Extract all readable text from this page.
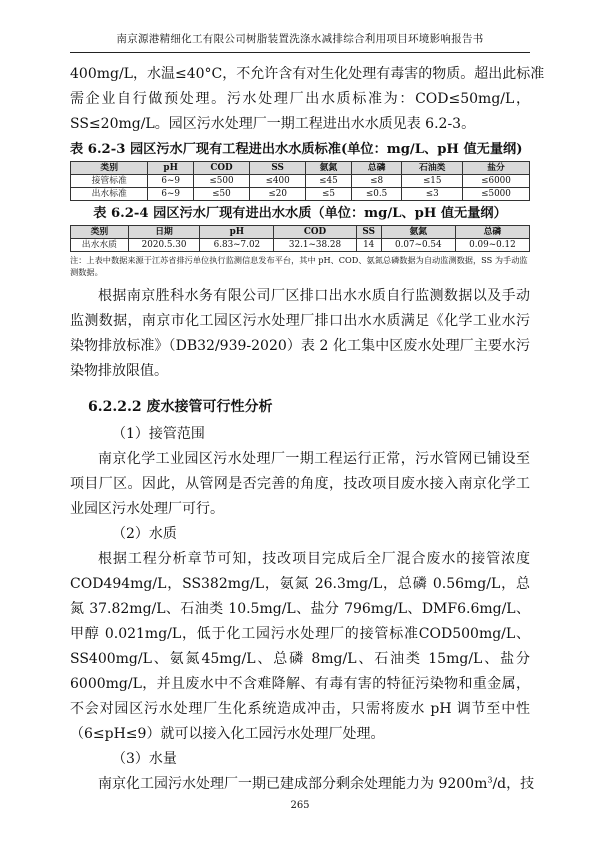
南京源港精细化工有限公司树脂装置洗涤水减排综合利用项目环境影响报告书

400mg/L，水温≤40°C，不允许含有对生化处理有毒害的物质。超出此标准

需企业自行做预处理。污水处理厂出水质标准为：COD≤50mg/L，SS≤20mg/L。园区污水处理厂一期工程进出水水质见表 6.2-3。

表 6.2-3 园区污水厂现有工程进出水水质标准(单位：mg/L、pH 值无量纲)
类别	pH	COD	SS	氨氮	总磷	石油类	盐分
接管标准	6~9	≤500	≤400	≤45	≤8	≤15	≤6000
出水标准	6~9	≤50	≤20	≤5	≤0.5	≤3	≤5000
表 6.2-4 园区污水厂现有进出水水质（单位：mg/L、pH 值无量纲）
类别	日期	pH	COD	SS	氨氮	总磷
出水水质	2020.5.30	6.83~7.02	32.1~38.28	14	0.07~0.54	0.09~0.12
注：上表中数据来源于江苏省排污单位执行监测信息发布平台，其中 pH、COD、氨氮总磷数据为自动监测数据，SS 为手动监测数据。

根据南京胜科水务有限公司厂区排口出水水质自行监测数据以及手动监测数据，南京市化工园区污水处理厂排口出水水质满足《化学工业水污染物排放标准》（DB32/939-2020）表 2 化工集中区废水处理厂主要水污染物排放限值。

6.2.2.2 废水接管可行性分析
（1）接管范围

南京化学工业园区污水处理厂一期工程运行正常，污水管网已铺设至项目厂区。因此，从管网是否完善的角度，技改项目废水接入南京化学工业园区污水处理厂可行。

（2）水质

根据工程分析章节可知，技改项目完成后全厂混合废水的接管浓度COD494mg/L，SS382mg/L，氨氮 26.3mg/L，总磷 0.56mg/L，总氮 37.82mg/L、石油类 10.5mg/L、盐分 796mg/L、DMF6.6mg/L、甲醇 0.021mg/L，低于化工园污水处理厂的接管标准COD500mg/L、SS400mg/L、氨氮45mg/L、总磷 8mg/L、石油类 15mg/L、盐分 6000mg/L，并且废水中不含难降解、有毒有害的特征污染物和重金属，不会对园区污水处理厂生化系统造成冲击，只需将废水 pH 调节至中性（6≤pH≤9）就可以接入化工园污水处理厂处理。

（3）水量

南京化工园污水处理厂一期已建成部分剩余处理能力为 $9200m^3/d$，技

265
